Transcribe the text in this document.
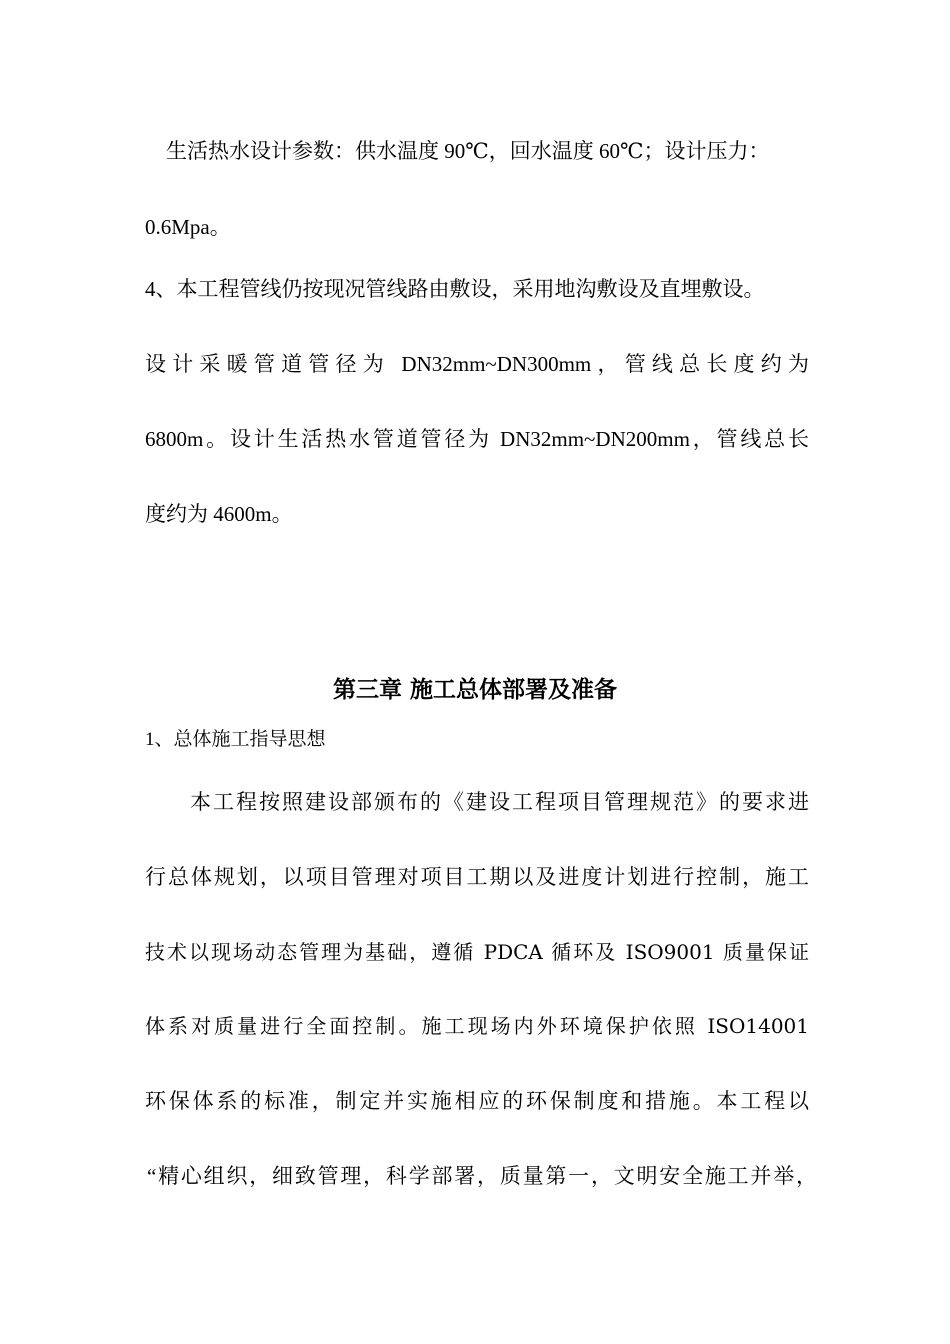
生活热水设计参数：供水温度 90℃，回水温度 60℃；设计压力：
0.6Mpa。
4、本工程管线仍按现况管线路由敷设，采用地沟敷设及直埋敷设。
设计采暖管道管径为 DN32mm~DN300mm，管线总长度约为
6800m。设计生活热水管道管径为 DN32mm~DN200mm，管线总长
度约为 4600m。
第三章 施工总体部署及准备
1、总体施工指导思想
本工程按照建设部颁布的《建设工程项目管理规范》的要求进
行总体规划，以项目管理对项目工期以及进度计划进行控制，施工
技术以现场动态管理为基础，遵循 PDCA 循环及 ISO9001 质量保证
体系对质量进行全面控制。施工现场内外环境保护依照 ISO14001
环保体系的标准，制定并实施相应的环保制度和措施。本工程以
“精心组织，细致管理，科学部署，质量第一，文明安全施工并举，
